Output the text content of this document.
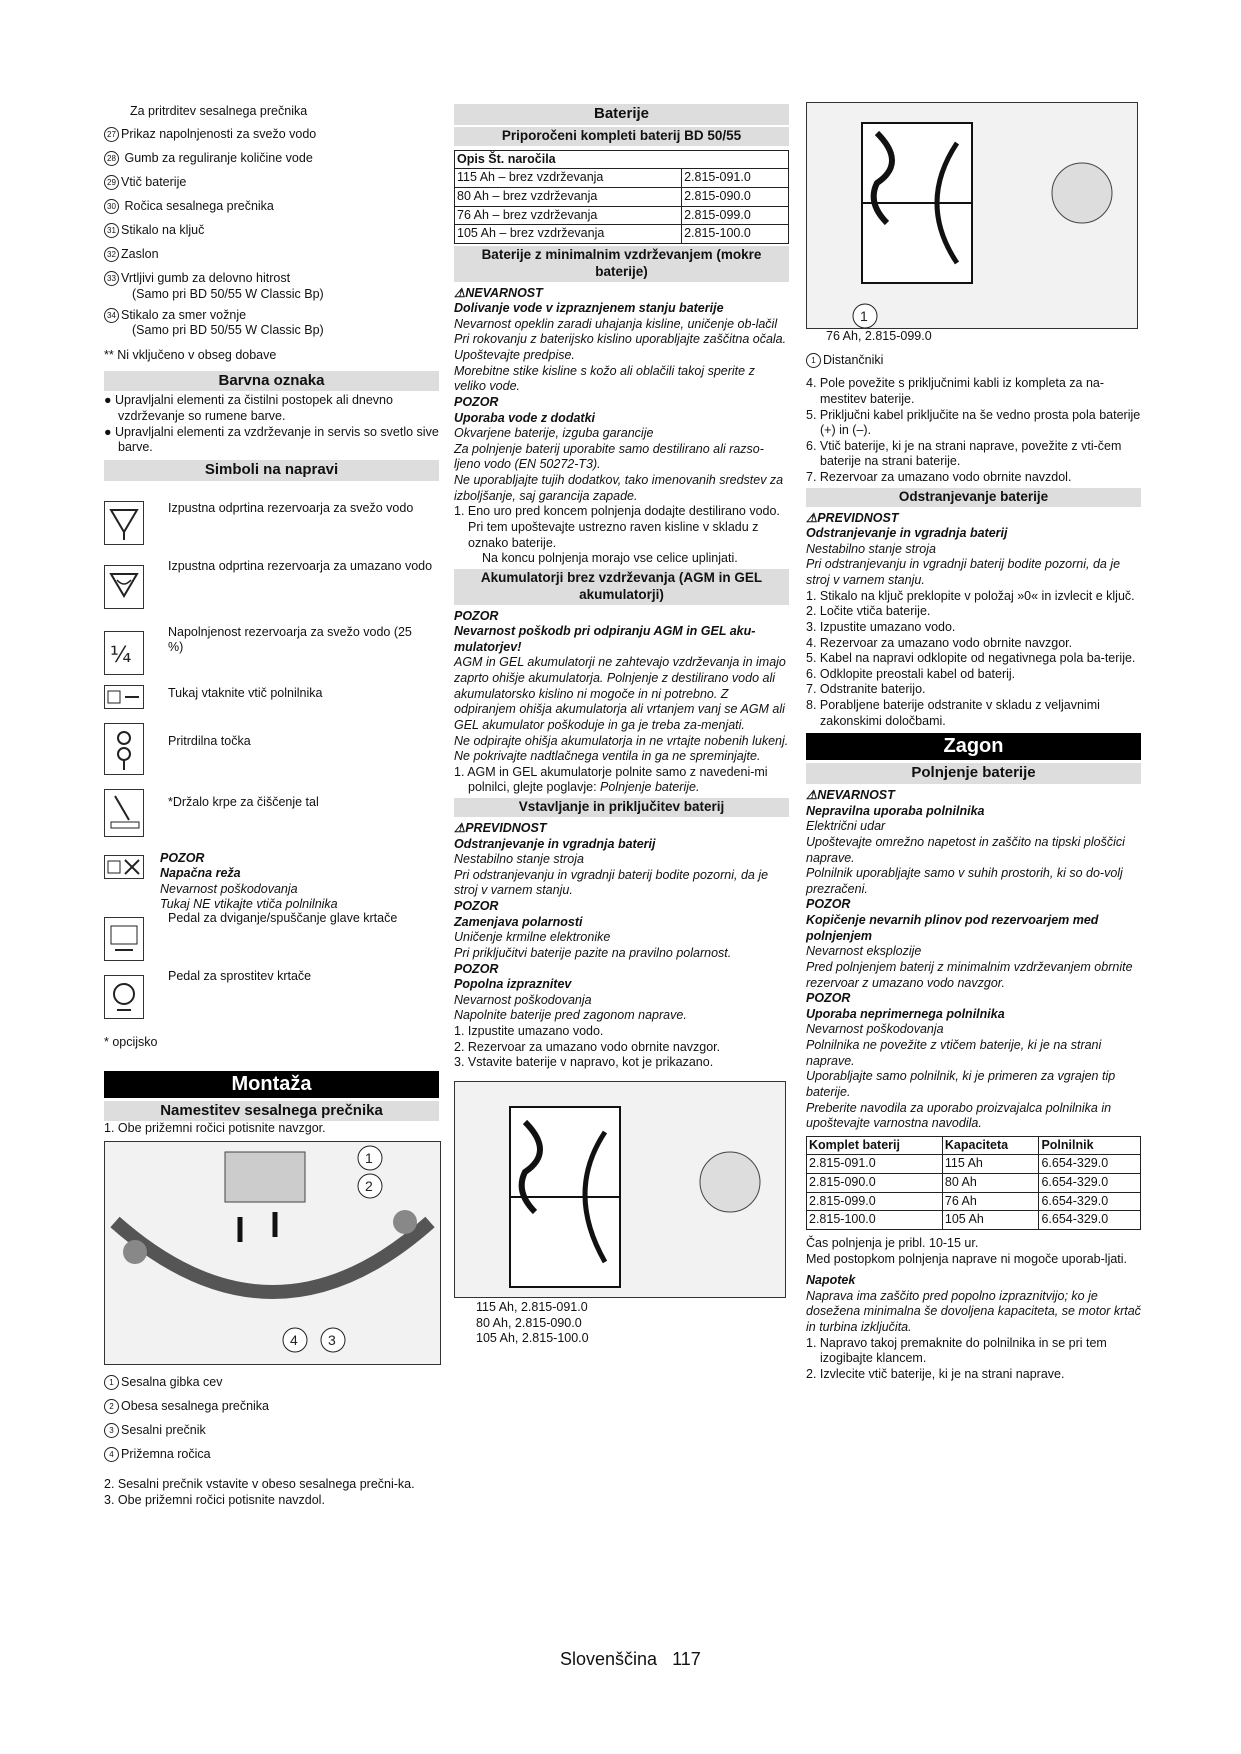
Za pritrditev sesalnega prečnika

27 Prikaz napolnjenosti za svežo vodo

28 Gumb za reguliranje količine vode

29 Vtič baterije

30 Ročica sesalnega prečnika

31 Stikalo na ključ

32 Zaslon

33 Vrtljivi gumb za delovno hitrost

(Samo pri BD 50/55 W Classic Bp)

34 Stikalo za smer vožnje

(Samo pri BD 50/55 W Classic Bp)

** Ni vključeno v obseg dobave

Barvna oznaka

● Upravljalni elementi za čistilni postopek ali dnevno vzdrževanje so rumene barve.

● Upravljalni elementi za vzdrževanje in servis so svetlo sive barve.

Simboli na napravi
Izpustna odprtina rezervoarja za svežo vodo
Izpustna odprtina rezervoarja za umazano vodo
¼
Napolnjenost rezervoarja za svežo vodo (25 %)
Tukaj vtaknite vtič polnilnika
Pritrdilna točka
*Držalo krpe za čiščenje tal

POZOR

Napačna reža

Nevarnost poškodovanja

Tukaj NE vtikajte vtiča polnilnika

Pedal za dviganje/spuščanje glave krtače
Pedal za sprostitev krtače

* opcijsko

Montaža
Namestitev sesalnega prečnika

1. Obe prižemni ročici potisnite navzgor.

1
2
4 3

1 Sesalna gibka cev

2 Obesa sesalnega prečnika

3 Sesalni prečnik

4 Prižemna ročica

2. Sesalni prečnik vstavite v obeso sesalnega prečni-ka.

3. Obe prižemni ročici potisnite navzdol.

Baterije
Priporočeni kompleti baterij BD 50/55
Opis Št. naročila	
115 Ah – brez vzdrževanja	2.815-091.0
80 Ah – brez vzdrževanja	2.815-090.0
76 Ah – brez vzdrževanja	2.815-099.0
105 Ah – brez vzdrževanja	2.815-100.0
Baterije z minimalnim vzdrževanjem (mokre baterije)

⚠NEVARNOST

Dolivanje vode v izpraznjenem stanju baterije

Nevarnost opeklin zaradi uhajanja kisline, uničenje ob-lačil

Pri rokovanju z baterijsko kislino uporabljajte zaščitna očala.

Upoštevajte predpise.

Morebitne stike kisline s kožo ali oblačili takoj sperite z veliko vode.

POZOR

Uporaba vode z dodatki

Okvarjene baterije, izguba garancije

Za polnjenje baterij uporabite samo destilirano ali razso-ljeno vodo (EN 50272-T3).

Ne uporabljajte tujih dodatkov, tako imenovanih sredstev za izboljšanje, saj garancija zapade.

1. Eno uro pred koncem polnjenja dodajte destilirano vodo. Pri tem upoštevajte ustrezno raven kisline v skladu z oznako baterije.

Na koncu polnjenja morajo vse celice uplinjati.

Akumulatorji brez vzdrževanja (AGM in GEL akumulatorji)

POZOR

Nevarnost poškodb pri odpiranju AGM in GEL aku-mulatorjev!

AGM in GEL akumulatorji ne zahtevajo vzdrževanja in imajo zaprto ohišje akumulatorja. Polnjenje z destilirano vodo ali akumulatorsko kislino ni mogoče in ni potrebno. Z odpiranjem ohišja akumulatorja ali vrtanjem vanj se AGM ali GEL akumulator poškoduje in ga je treba za-menjati.

Ne odpirajte ohišja akumulatorja in ne vrtajte nobenih lukenj.

Ne pokrivajte nadtlačnega ventila in ga ne spreminjajte.

1. AGM in GEL akumulatorje polnite samo z navedeni-mi polnilci, glejte poglavje: Polnjenje baterije.

Vstavljanje in priključitev baterij

⚠PREVIDNOST

Odstranjevanje in vgradnja baterij

Nestabilno stanje stroja

Pri odstranjevanju in vgradnji baterij bodite pozorni, da je stroj v varnem stanju.

POZOR

Zamenjava polarnosti

Uničenje krmilne elektronike

Pri priključitvi baterije pazite na pravilno polarnost.

POZOR

Popolna izpraznitev

Nevarnost poškodovanja

Napolnite baterije pred zagonom naprave.

1. Izpustite umazano vodo.

2. Rezervoar za umazano vodo obrnite navzgor.

3. Vstavite baterije v napravo, kot je prikazano.

115 Ah, 2.815-091.0

80 Ah, 2.815-090.0

105 Ah, 2.815-100.0

1

76 Ah, 2.815-099.0

1 Distančniki

4. Pole povežite s priključnimi kabli iz kompleta za na-mestitev baterije.

5. Priključni kabel priključite na še vedno prosta pola baterije (+) in (–).

6. Vtič baterije, ki je na strani naprave, povežite z vti-čem baterije na strani baterije.

7. Rezervoar za umazano vodo obrnite navzdol.

Odstranjevanje baterije

⚠PREVIDNOST

Odstranjevanje in vgradnja baterij

Nestabilno stanje stroja

Pri odstranjevanju in vgradnji baterij bodite pozorni, da je stroj v varnem stanju.

1. Stikalo na ključ preklopite v položaj »0« in izvlecit e ključ.

2. Ločite vtiča baterije.

3. Izpustite umazano vodo.

4. Rezervoar za umazano vodo obrnite navzgor.

5. Kabel na napravi odklopite od negativnega pola ba-terije.

6. Odklopite preostali kabel od baterij.

7. Odstranite baterijo.

8. Porabljene baterije odstranite v skladu z veljavnimi zakonskimi določbami.

Zagon
Polnjenje baterije

⚠NEVARNOST

Nepravilna uporaba polnilnika

Električni udar

Upoštevajte omrežno napetost in zaščito na tipski ploščici naprave.

Polnilnik uporabljajte samo v suhih prostorih, ki so do-volj prezračeni.

POZOR

Kopičenje nevarnih plinov pod rezervoarjem med polnjenjem

Nevarnost eksplozije

Pred polnjenjem baterij z minimalnim vzdrževanjem obrnite rezervoar z umazano vodo navzgor.

POZOR

Uporaba neprimernega polnilnika

Nevarnost poškodovanja

Polnilnika ne povežite z vtičem baterije, ki je na strani naprave.

Uporabljajte samo polnilnik, ki je primeren za vgrajen tip baterije.

Preberite navodila za uporabo proizvajalca polnilnika in upoštevajte varnostna navodila.

Komplet baterij	Kapaciteta	Polnilnik
2.815-091.0	115 Ah	6.654-329.0
2.815-090.0	80 Ah	6.654-329.0
2.815-099.0	76 Ah	6.654-329.0
2.815-100.0	105 Ah	6.654-329.0

Čas polnjenja je pribl. 10-15 ur.

Med postopkom polnjenja naprave ni mogoče uporab-ljati.

Napotek

Naprava ima zaščito pred popolno izpraznitvijo; ko je dosežena minimalna še dovoljena kapaciteta, se motor krtač in turbina izključita.

1. Napravo takoj premaknite do polnilnika in se pri tem izogibajte klancem.

2. Izvlecite vtič baterije, ki je na strani naprave.

Slovenščina 117
